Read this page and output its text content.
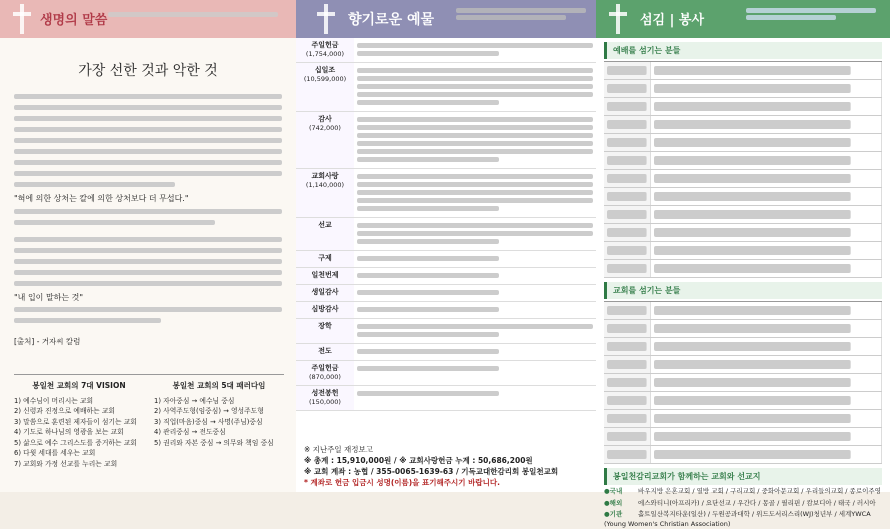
생명의 말씀
가장 선한 것과 악한 것
"혀에 의한 상처는 칼에 의한 상처보다 더 무섭다."
"내 입이 말하는 것"
[출처] - 거자씨 칼럼
봉일천 교회의 7대 VISION
1) 예수님이 머리시는 교회
2) 신령과 진정으로 예배하는 교회
3) 말씀으로 훈련된 제자들이 섬기는 교회
4) 기도로 하나님의 영광을 보는 교회
5) 삶으로 예수 그리스도를 증거하는 교회
6) 다윗 세대를 세우는 교회
7) 교회와 가정 선교를 누리는 교회
봉일천 교회의 5대 패러다임
1) 자아중심 → 예수님 중심
2) 사역주도형(임중심) → 영성주도형
3) 직업(마음)중심 → 사명(주님)중심
4) 관리중심 → 전도중심
5) 권리와 자본 중심 → 의무와 책임 중심
향기로운 예물
주일헌금
(1,754,000)
십일조
(10,599,000)
감사
(742,000)
교회사랑
(1,140,000)
선교
구제
일천번제
생일감사
심방감사
장학
전도
주일헌금
(870,000)
성전봉헌
(150,000)
※ 지난주일 재정보고
※ 총계 : 15,910,000원 / ※ 교회사랑헌금 누계 : 50,686,200원
※ 교회 계좌 : 농협 / 355-0065-1639-63 / 기독교대한감리회 봉일천교회
* 계좌로 헌금 입금시 성명(이름)을 표기해주시기 바랍니다.
섬김 | 봉사
예배를 섬기는 분들
교회를 섬기는 분들
봉일천감리교회가 함께하는 교회와 선교지
●국내 바우지방 은혼교회 / 열방 교회 / 구리교회 / 중화아문교회 / 우리들의교회 / 종로이주영
●해외 에스와티니(아프리카) / 요단선교 / 우간다 / 몽골 / 필리핀 / 캄보디아 / 태국 / 러시아
●기관 홀트일산복지타운(일산) / 두원공과대학 / 위드도서리스리(WJ)청년부 / 세계YWCA (Young Women's Christian Association)
